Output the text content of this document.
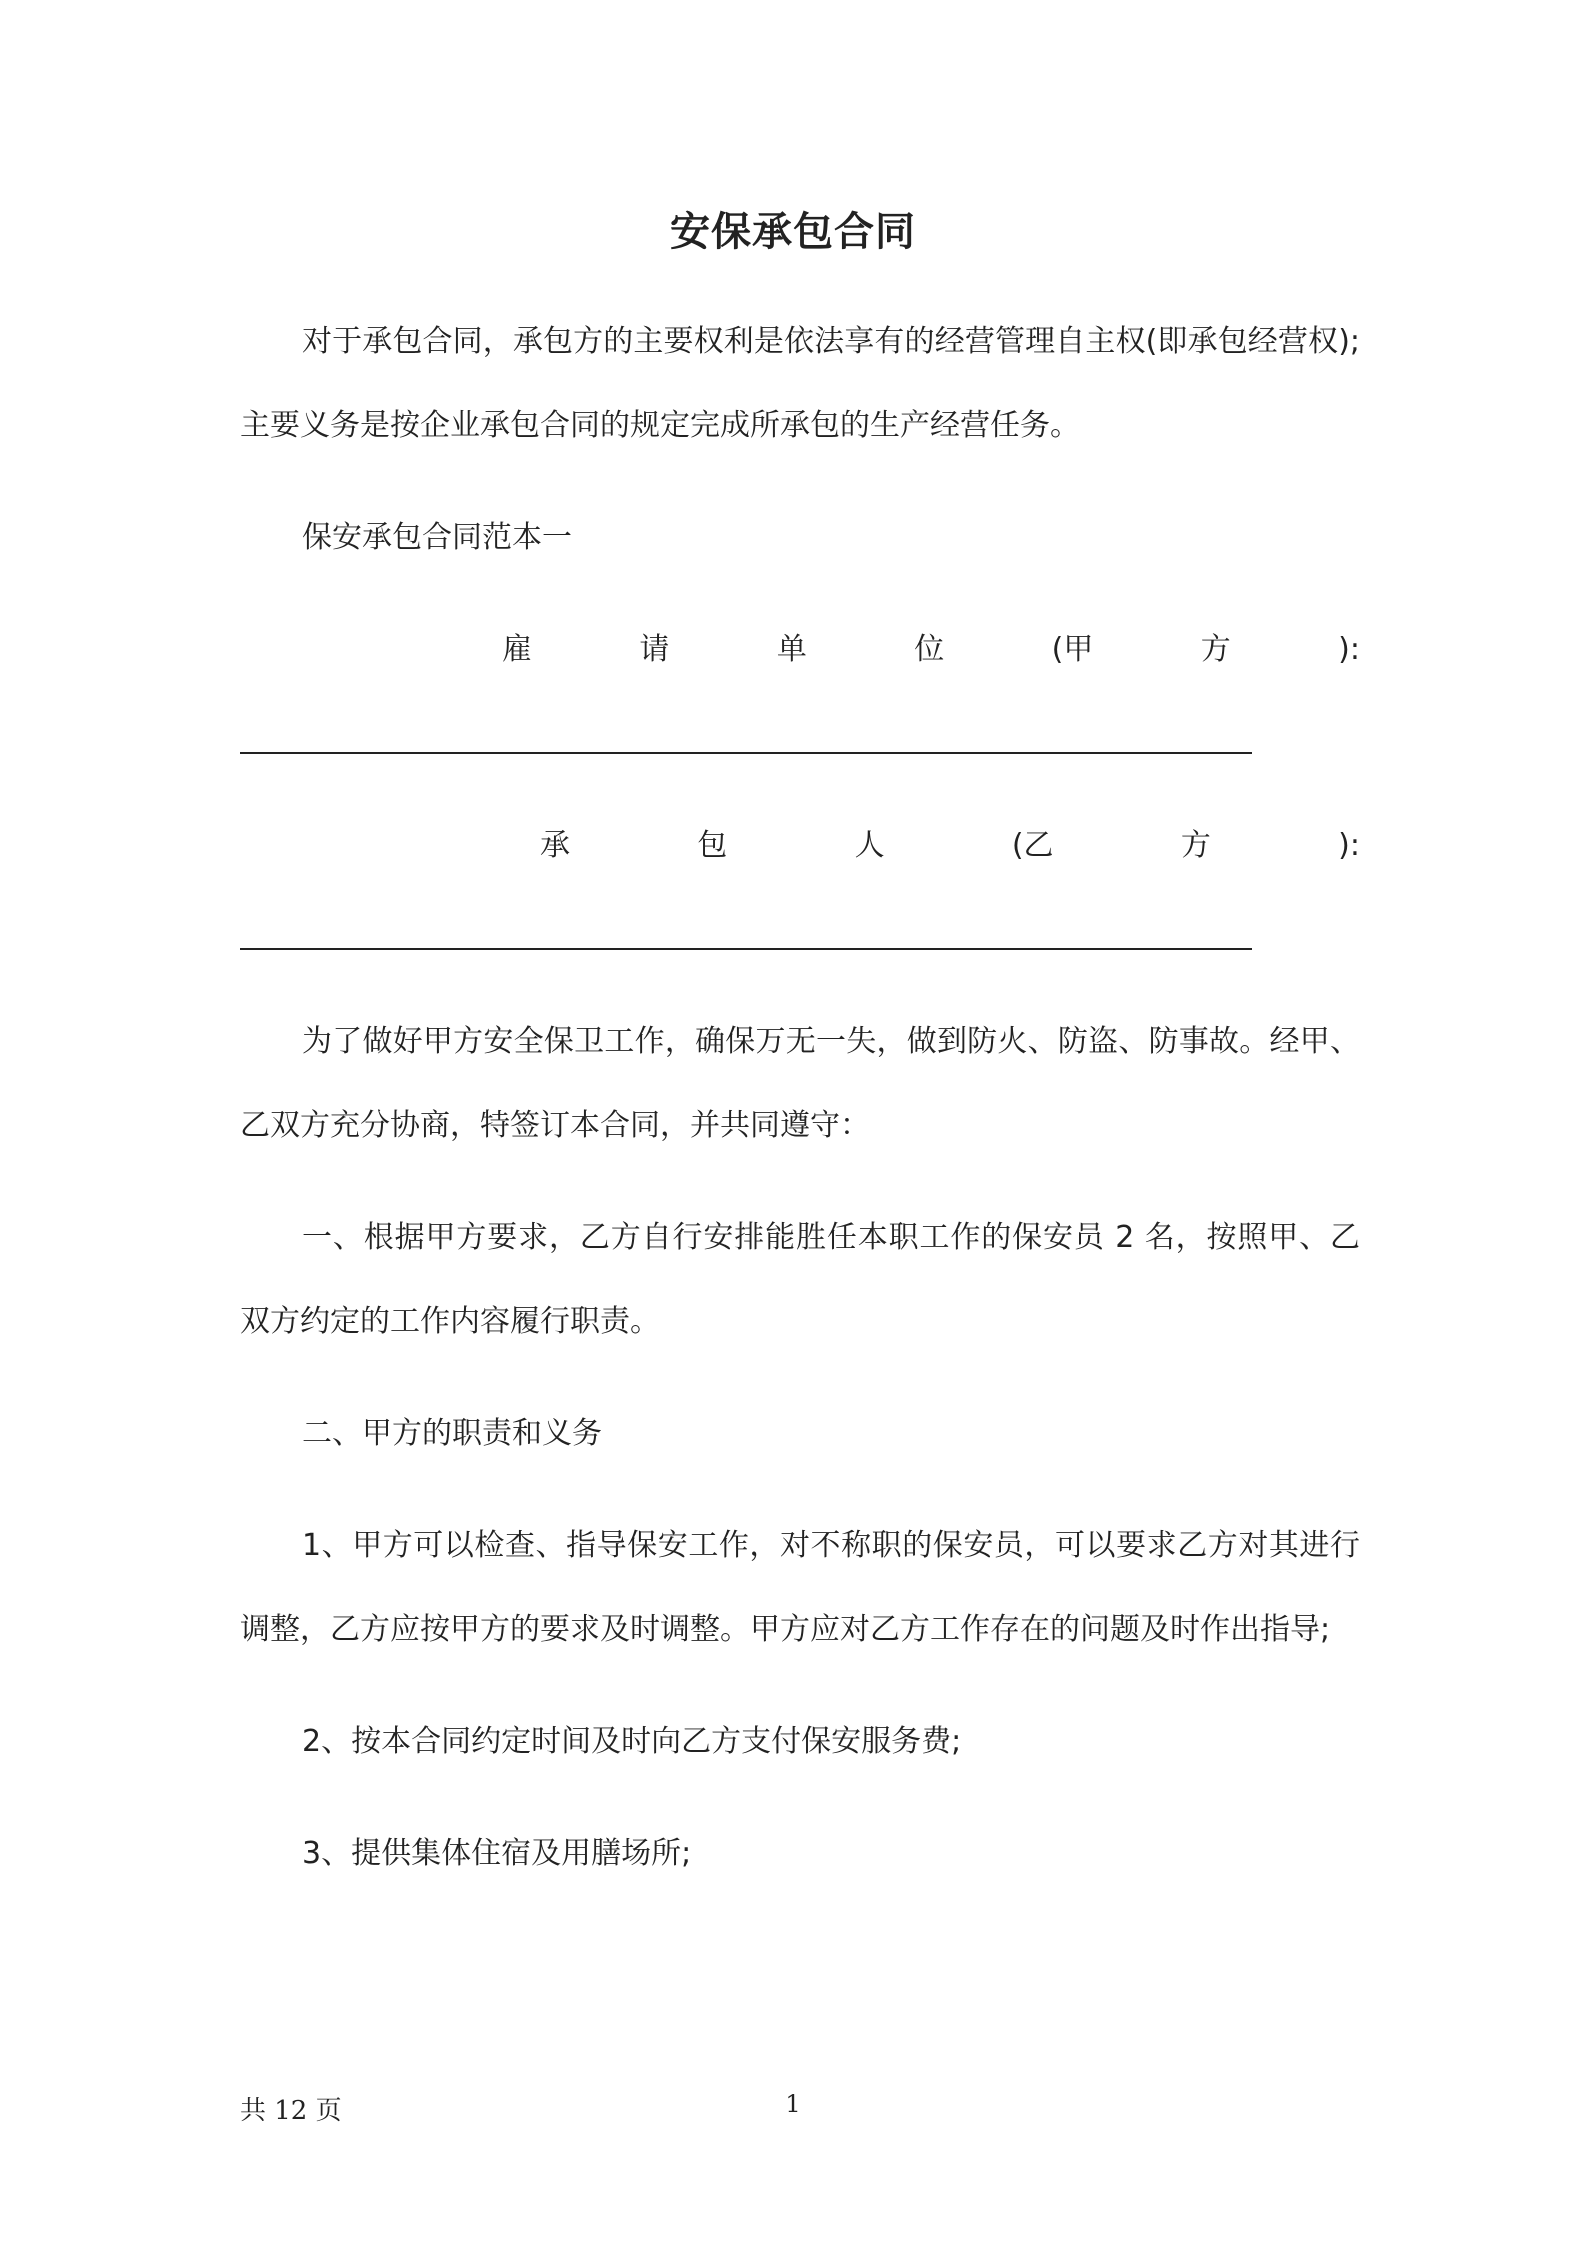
安保承包合同

对于承包合同，承包方的主要权利是依法享有的经营管理自主权(即承包经营权);主要义务是按企业承包合同的规定完成所承包的生产经营任务。

保安承包合同范本一

雇	请	单	位	(甲	方	):
承	包	人	(乙	方	):

为了做好甲方安全保卫工作，确保万无一失，做到防火、防盗、防事故。经甲、乙双方充分协商，特签订本合同，并共同遵守：

一、根据甲方要求，乙方自行安排能胜任本职工作的保安员 2 名，按照甲、乙双方约定的工作内容履行职责。

二、甲方的职责和义务

1、甲方可以检查、指导保安工作，对不称职的保安员，可以要求乙方对其进行调整，乙方应按甲方的要求及时调整。甲方应对乙方工作存在的问题及时作出指导;

2、按本合同约定时间及时向乙方支付保安服务费;

3、提供集体住宿及用膳场所;

共 12 页	1
